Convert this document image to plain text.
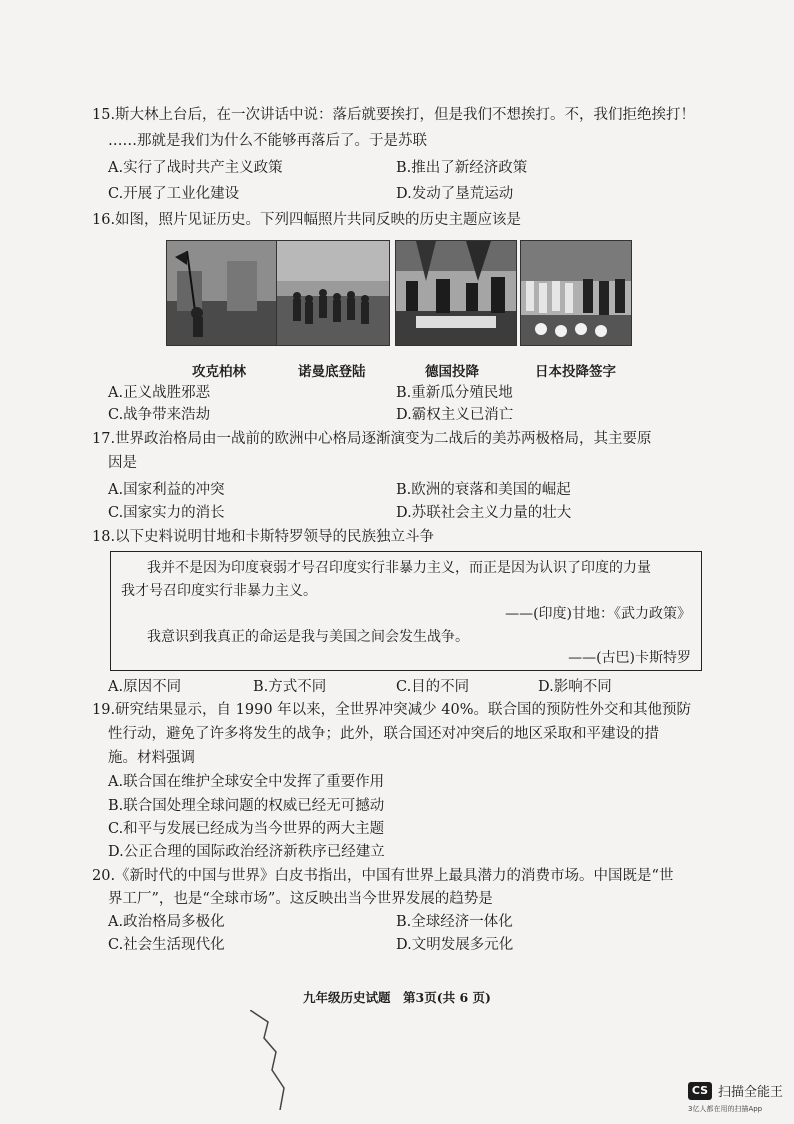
15.斯大林上台后，在一次讲话中说：落后就要挨打，但是我们不想挨打。不，我们拒绝挨打！
……那就是我们为什么不能够再落后了。于是苏联
A.实行了战时共产主义政策	B.推出了新经济政策
C.开展了工业化建设	D.发动了垦荒运动
16.如图，照片见证历史。下列四幅照片共同反映的历史主题应该是
攻克柏林	诺曼底登陆	德国投降	日本投降签字
A.正义战胜邪恶	B.重新瓜分殖民地
C.战争带来浩劫	D.霸权主义已消亡
17.世界政治格局由一战前的欧洲中心格局逐渐演变为二战后的美苏两极格局，其主要原
因是
A.国家利益的冲突	B.欧洲的衰落和美国的崛起
C.国家实力的消长	D.苏联社会主义力量的壮大
18.以下史料说明甘地和卡斯特罗领导的民族独立斗争
我并不是因为印度衰弱才号召印度实行非暴力主义，而正是因为认识了印度的力量
我才号召印度实行非暴力主义。
——(印度)甘地：《武力政策》
我意识到我真正的命运是我与美国之间会发生战争。
——(古巴)卡斯特罗
A.原因不同	B.方式不同	C.目的不同	D.影响不同
19.研究结果显示，自 1990 年以来，全世界冲突减少 40%。联合国的预防性外交和其他预防
性行动，避免了许多将发生的战争；此外，联合国还对冲突后的地区采取和平建设的措
施。材料强调
A.联合国在维护全球安全中发挥了重要作用
B.联合国处理全球问题的权威已经无可撼动
C.和平与发展已经成为当今世界的两大主题
D.公正合理的国际政治经济新秩序已经建立
20.《新时代的中国与世界》白皮书指出，中国有世界上最具潜力的消费市场。中国既是“世
界工厂”，也是“全球市场”。这反映出当今世界发展的趋势是
A.政治格局多极化	B.全球经济一体化
C.社会生活现代化	D.文明发展多元化
九年级历史试题　第3页(共 6 页)
CS 扫描全能王
3亿人都在用的扫描App
